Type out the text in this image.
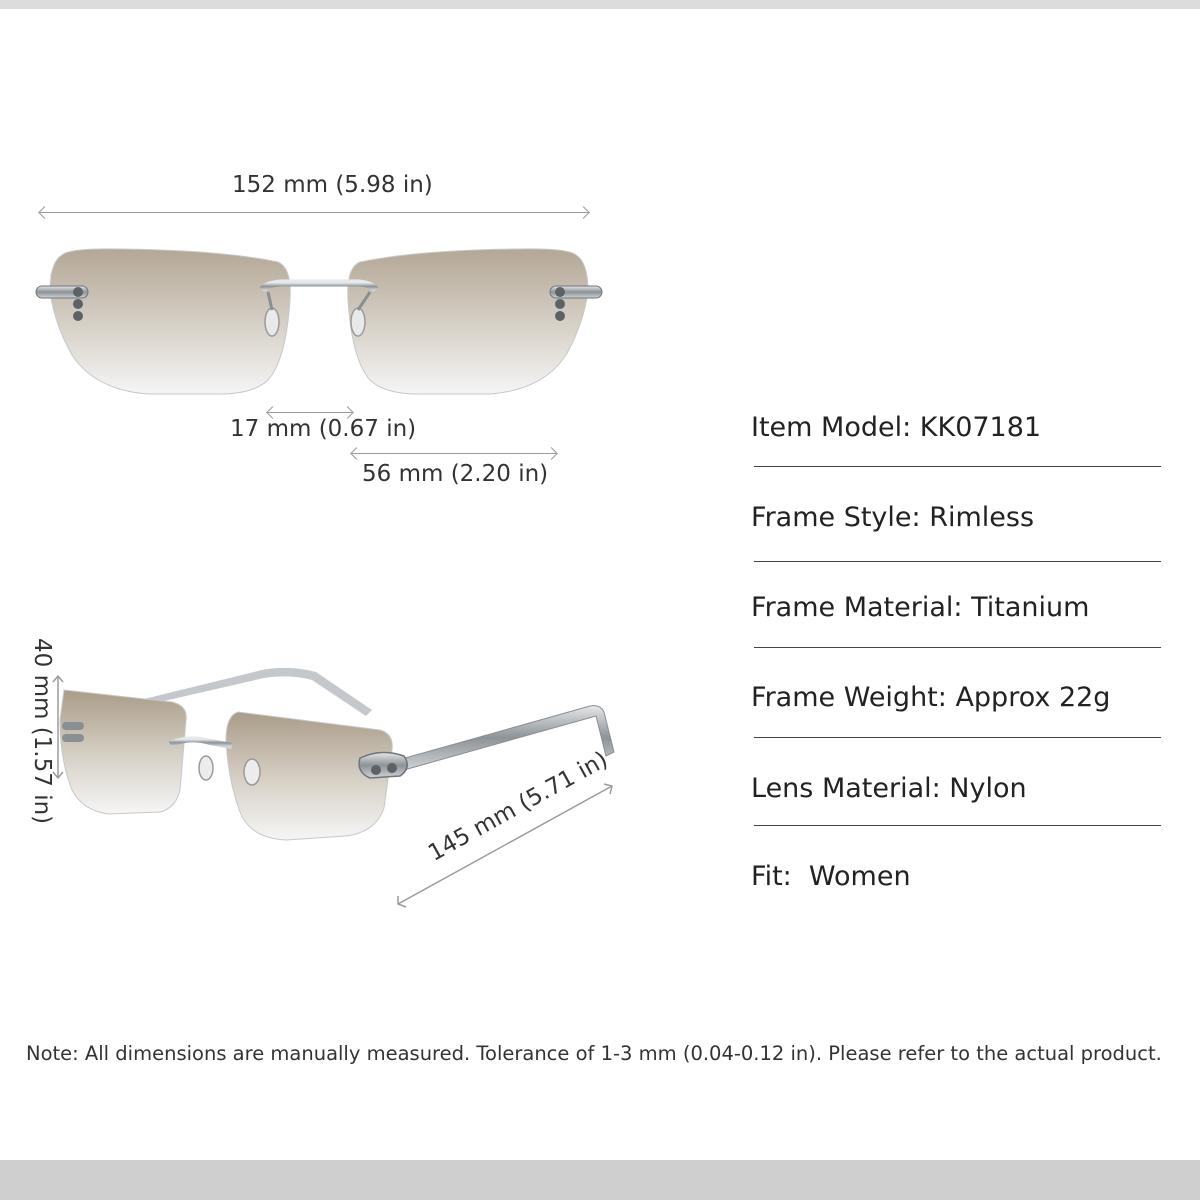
152 mm (5.98 in)
17 mm (0.67 in)
56 mm (2.20 in)
40 mm (1.57 in)	145 mm (5.71 in)
Item Model: KK07181
Frame Style: Rimless
Frame Material: Titanium
Frame Weight: Approx 22g
Lens Material: Nylon
Fit:  Women
Note: All dimensions are manually measured. Tolerance of 1-3 mm (0.04-0.12 in). Please refer to the actual product.
